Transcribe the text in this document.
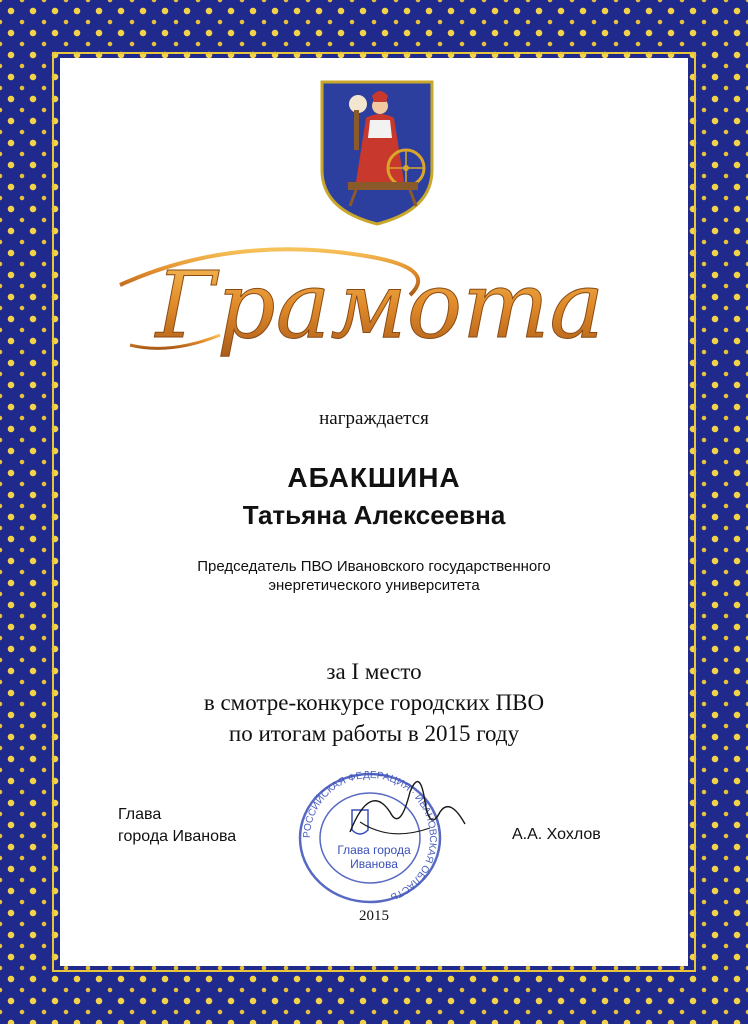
Грамота
награждается
АБАКШИНА
Татьяна Алексеевна
Председатель ПВО Ивановского государственного
энергетического университета
за I место
в смотре-конкурсе городских ПВО
по итогам работы в 2015 году
Глава
города Иванова	РОССИЙСКАЯ ФЕДЕРАЦИЯ · ИВАНОВСКАЯ ОБЛАСТЬ
Глава города
Иванова
А.А. Хохлов
2015
